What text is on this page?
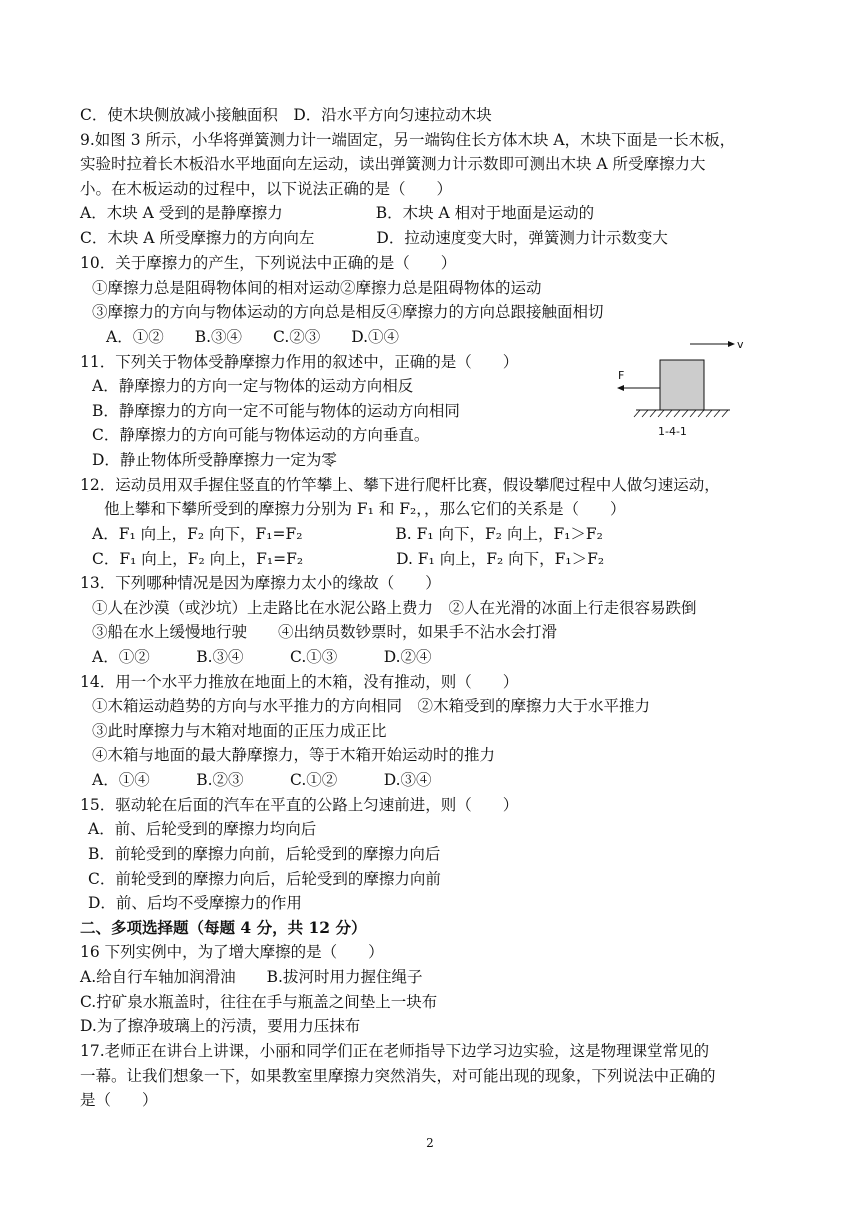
C．使木块侧放减小接触面积　D．沿水平方向匀速拉动木块
9.如图 3 所示，小华将弹簧测力计一端固定，另一端钩住长方体木块 A，木块下面是一长木板，
实验时拉着长木板沿水平地面向左运动，读出弹簧测力计示数即可测出木块 A 所受摩擦力大
小。在木板运动的过程中，以下说法正确的是（　　）
A．木块 A 受到的是静摩擦力　　　　　　B．木块 A 相对于地面是运动的
C．木块 A 所受摩擦力的方向向左　　　　D．拉动速度变大时，弹簧测力计示数变大
10．关于摩擦力的产生，下列说法中正确的是（　　）
①摩擦力总是阻碍物体间的相对运动②摩擦力总是阻碍物体的运动
③摩擦力的方向与物体运动的方向总是相反④摩擦力的方向总跟接触面相切
A．①②　　B.③④　　C.②③　　D.①④
11．下列关于物体受静摩擦力作用的叙述中，正确的是（　　）
A．静摩擦力的方向一定与物体的运动方向相反
B．静摩擦力的方向一定不可能与物体的运动方向相同
C．静摩擦力的方向可能与物体运动的方向垂直。
D．静止物体所受静摩擦力一定为零
12．运动员用双手握住竖直的竹竿攀上、攀下进行爬杆比赛，假设攀爬过程中人做匀速运动，
他上攀和下攀所受到的摩擦力分别为 F₁ 和 F₂，，那么它们的关系是（　　）
A．F₁ 向上，F₂ 向下，F₁=F₂　　　　　　B. F₁ 向下，F₂ 向上，F₁＞F₂
C．F₁ 向上，F₂ 向上，F₁=F₂　　　　　　D. F₁ 向上，F₂ 向下，F₁＞F₂
13．下列哪种情况是因为摩擦力太小的缘故（　　）
①人在沙漠（或沙坑）上走路比在水泥公路上费力　②人在光滑的冰面上行走很容易跌倒
③船在水上缓慢地行驶　　④出纳员数钞票时，如果手不沾水会打滑
A．①②　　　B.③④　　　C.①③　　　D.②④
14．用一个水平力推放在地面上的木箱，没有推动，则（　　）
①木箱运动趋势的方向与水平推力的方向相同　②木箱受到的摩擦力大于水平推力
③此时摩擦力与木箱对地面的正压力成正比
④木箱与地面的最大静摩擦力，等于木箱开始运动时的推力
A．①④　　　B.②③　　　C.①②　　　D.③④
15．驱动轮在后面的汽车在平直的公路上匀速前进，则（　　）
A．前、后轮受到的摩擦力均向后
B．前轮受到的摩擦力向前，后轮受到的摩擦力向后
C．前轮受到的摩擦力向后，后轮受到的摩擦力向前
D．前、后均不受摩擦力的作用
二、多项选择题（每题 4 分，共 12 分）
16 下列实例中，为了增大摩擦的是（　　）
A.给自行车轴加润滑油　　B.拔河时用力握住绳子
C.拧矿泉水瓶盖时，往往在手与瓶盖之间垫上一块布
D.为了擦净玻璃上的污渍，要用力压抹布
17.老师正在讲台上讲课，小丽和同学们正在老师指导下边学习边实验，这是物理课堂常见的
一幕。让我们想象一下，如果教室里摩擦力突然消失，对可能出现的现象，下列说法中正确的
是（　　）
v
F
1-4-1
2
